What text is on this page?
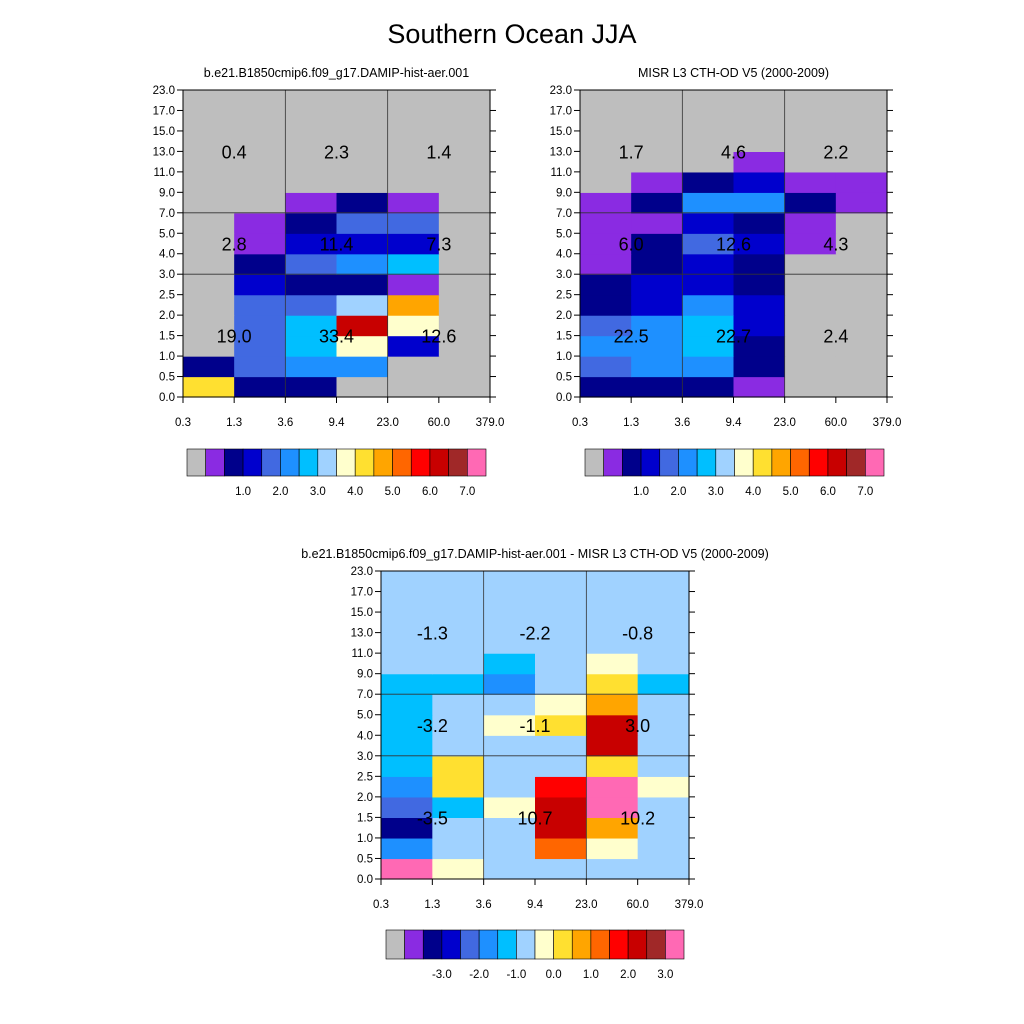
Southern Ocean JJA
0.0
0.5
1.0
1.5
2.0
2.5
3.0
4.0
5.0
7.0
9.0
11.0
13.0
15.0
17.0
23.0
0.3	1.3	3.6	9.4	23.0	60.0 379.0
b.e21.B1850cmip6.f09_g17.DAMIP-hist-aer.001
19.0	33.4	12.6
2.8	11.4	7.3
0.4	2.3	1.4
1.0 2.0 3.0 4.0 5.0 6.0 7.0
0.0
0.5
1.0
1.5
2.0
2.5
3.0
4.0
5.0
7.0
9.0
11.0
13.0
15.0
17.0
23.0
0.3	1.3	3.6	9.4	23.0	60.0 379.0
MISR L3 CTH-OD V5 (2000-2009)
22.5	22.7	2.4
6.0	12.6	4.3
1.7	4.6	2.2
1.0 2.0 3.0 4.0 5.0 6.0 7.0
0.0
0.5
1.0
1.5
2.0
2.5
3.0
4.0
5.0
7.0
9.0
11.0
13.0
15.0
17.0
23.0
0.3	1.3	3.6	9.4	23.0	60.0 379.0
b.e21.B1850cmip6.f09_g17.DAMIP-hist-aer.001 - MISR L3 CTH-OD V5 (2000-2009)
-3.5	10.7	10.2
-3.2	-1.1	3.0
-1.3	-2.2	-0.8
-3.0 -2.0 -1.0 0.0 1.0 2.0 3.0
